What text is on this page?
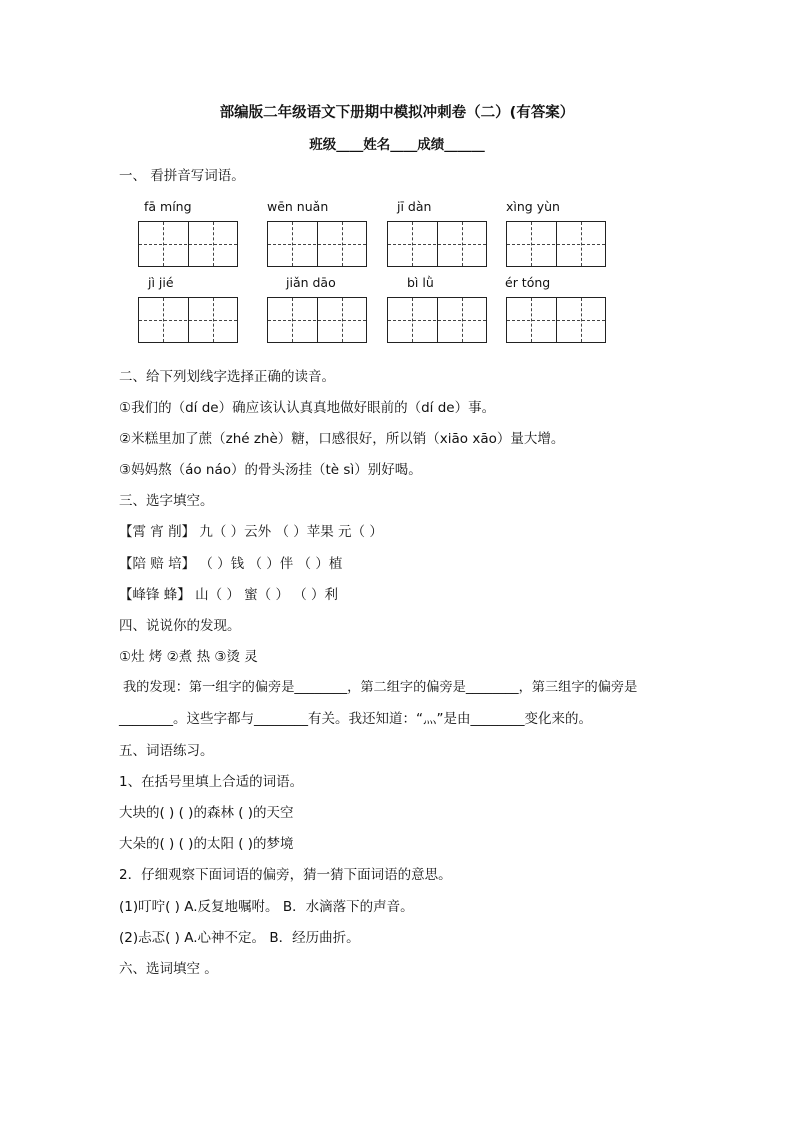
部编版二年级语文下册期中模拟冲刺卷（二）(有答案）
班级____姓名____成绩______
一、 看拼音写词语。
fā míng	wēn nuǎn	jī dàn	xìng yùn
jì jié	jiǎn dāo	bì lǜ	ér tóng
二、给下列划线字选择正确的读音。
①我们的（dí de）确应该认认真真地做好眼前的（dí de）事。
②米糕里加了蔗（zhé zhè）糖，口感很好，所以销（xiāo xāo）量大增。
③妈妈熬（áo náo）的骨头汤挂（tè sì）别好喝。
三、选字填空。
【霄 宵 削】 九（ ）云外 （ ）苹果 元（ ）
【陪 赔 培】 （ ）钱 （ ）伴 （ ）植
【峰锋 蜂】 山（ ） 蜜（ ） （ ）利
四、说说你的发现。
①灶 烤 ②煮 热 ③烫 灵
我的发现：第一组字的偏旁是________，第二组字的偏旁是________，第三组字的偏旁是
________。这些字都与________有关。我还知道：“灬”是由________变化来的。
五、词语练习。
1、在括号里填上合适的词语。
大块的( ) ( )的森林 ( )的天空
大朵的( ) ( )的太阳 ( )的梦境
2．仔细观察下面词语的偏旁，猜一猜下面词语的意思。
(1)叮咛( ) A.反复地嘱咐。 B．水滴落下的声音。
(2)忐忑( ) A.心神不定。 B．经历曲折。
六、选词填空 。
